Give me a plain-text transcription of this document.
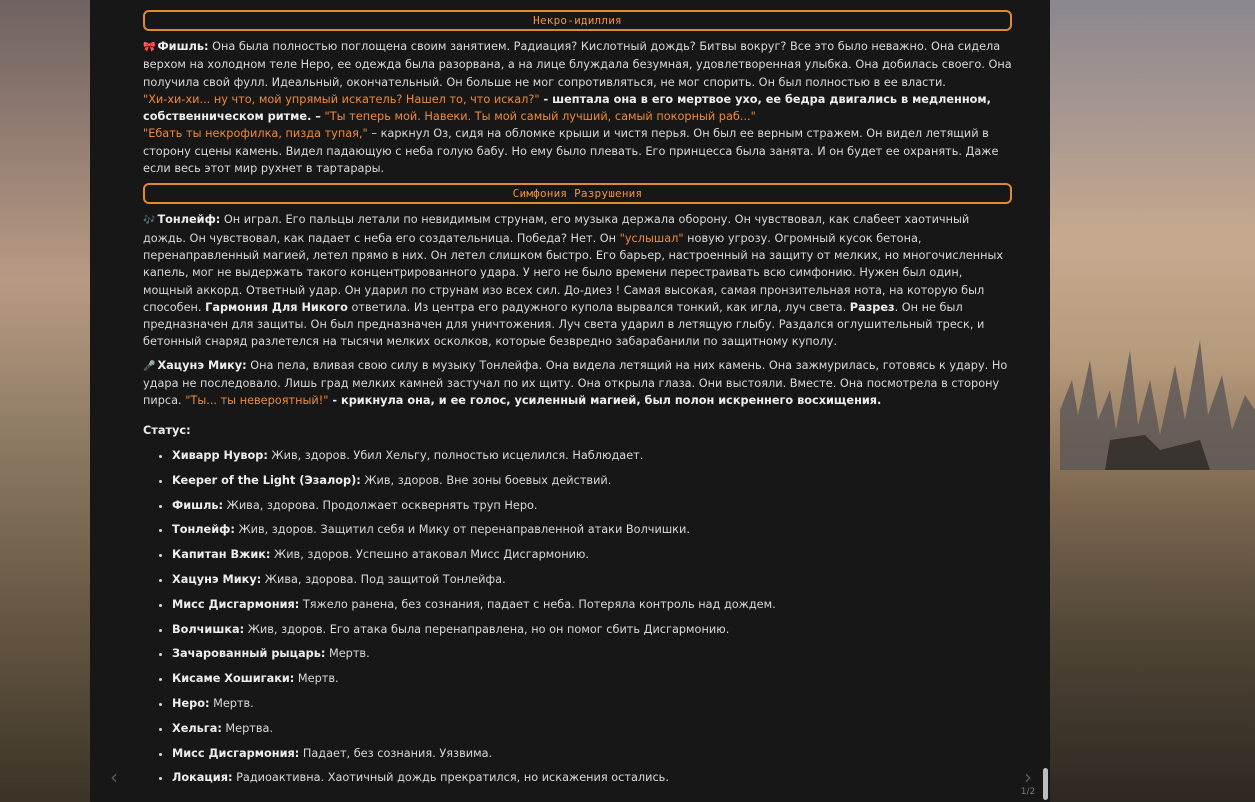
Некро-идиллия

🎀 Фишль: Она была полностью поглощена своим занятием. Радиация? Кислотный дождь? Битвы вокруг? Все это было неважно. Она сидела верхом на холодном теле Неро, ее одежда была разорвана, а на лице блуждала безумная, удовлетворенная улыбка. Она добилась своего. Она получила свой фулл. Идеальный, окончательный. Он больше не мог сопротивляться, не мог спорить. Он был полностью в ее власти.
"Хи-хи-хи... ну что, мой упрямый искатель? Нашел то, что искал?" - шептала она в его мертвое ухо, ее бедра двигались в медленном, собственническом ритме. – "Ты теперь мой. Навеки. Ты мой самый лучший, самый покорный раб..."
"Ебать ты некрофилка, пизда тупая," – каркнул Оз, сидя на обломке крыши и чистя перья. Он был ее верным стражем. Он видел летящий в сторону сцены камень. Видел падающую с неба голую бабу. Но ему было плевать. Его принцесса была занята. И он будет ее охранять. Даже если весь этот мир рухнет в тартарары.

Симфония Разрушения

🎶 Тонлейф: Он играл. Его пальцы летали по невидимым струнам, его музыка держала оборону. Он чувствовал, как слабеет хаотичный дождь. Он чувствовал, как падает с неба его создательница. Победа? Нет. Он "услышал" новую угрозу. Огромный кусок бетона, перенаправленный магией, летел прямо в них. Он летел слишком быстро. Его барьер, настроенный на защиту от мелких, но многочисленных капель, мог не выдержать такого концентрированного удара. У него не было времени перестраивать всю симфонию. Нужен был один, мощный аккорд. Ответный удар. Он ударил по струнам изо всех сил. До-диез ! Самая высокая, самая пронзительная нота, на которую был способен. Гармония Для Никого ответила. Из центра его радужного купола вырвался тонкий, как игла, луч света. Разрез. Он не был предназначен для защиты. Он был предназначен для уничтожения. Луч света ударил в летящую глыбу. Раздался оглушительный треск, и бетонный снаряд разлетелся на тысячи мелких осколков, которые безвредно забарабанили по защитному куполу.

🎤 Хацунэ Мику: Она пела, вливая свою силу в музыку Тонлейфа. Она видела летящий на них камень. Она зажмурилась, готовясь к удару. Но удара не последовало. Лишь град мелких камней застучал по их щиту. Она открыла глаза. Они выстояли. Вместе. Она посмотрела в сторону пирса. "Ты... ты невероятный!" - крикнула она, и ее голос, усиленный магией, был полон искреннего восхищения.

Статус:
• Хиварр Нувор: Жив, здоров. Убил Хельгу, полностью исцелился. Наблюдает.
• Keeper of the Light (Эзалор): Жив, здоров. Вне зоны боевых действий.
• Фишль: Жива, здорова. Продолжает осквернять труп Неро.
• Тонлейф: Жив, здоров. Защитил себя и Мику от перенаправленной атаки Волчишки.
• Капитан Вжик: Жив, здоров. Успешно атаковал Мисс Дисгармонию.
• Хацунэ Мику: Жива, здорова. Под защитой Тонлейфа.
• Мисс Дисгармония: Тяжело ранена, без сознания, падает с неба. Потеряла контроль над дождем.
• Волчишка: Жив, здоров. Его атака была перенаправлена, но он помог сбить Дисгармонию.
• Зачарованный рыцарь: Мертв.
• Кисаме Хошигаки: Мертв.
• Неро: Мертв.
• Хельга: Мертва.
• Мисс Дисгармония: Падает, без сознания. Уязвима.
• Локация: Радиоактивна. Хаотичный дождь прекратился, но искажения остались.
‹	›
1/2
